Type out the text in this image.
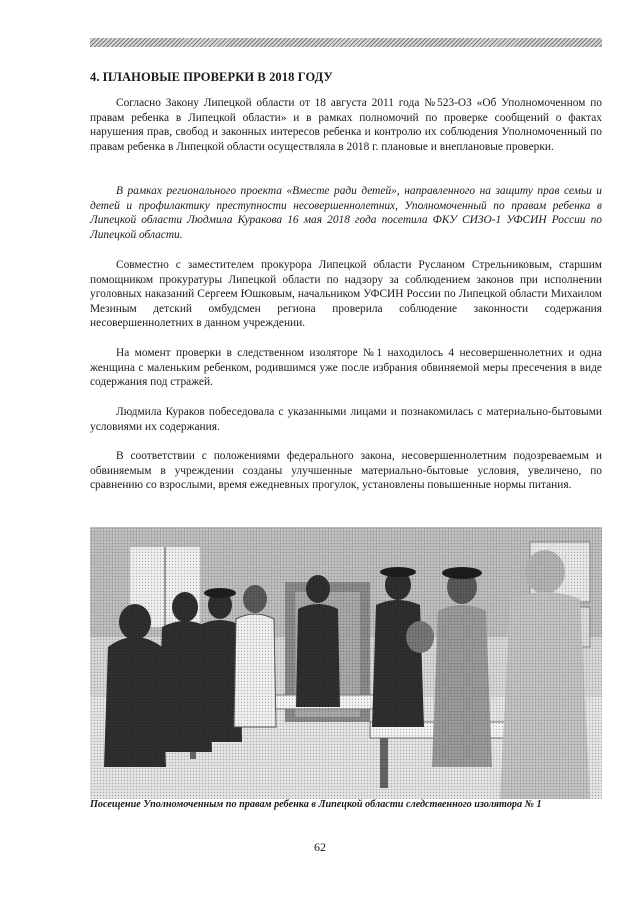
4. ПЛАНОВЫЕ ПРОВЕРКИ В 2018 ГОДУ

Согласно Закону Липецкой области от 18 августа 2011 года №523-ОЗ «Об Уполномоченном по правам ребенка в Липецкой области» и в рамках полномочий по проверке сообщений о фактах нарушения прав, свобод и законных интересов ребенка и контролю их соблюдения Уполномоченный по правам ребенка в Липецкой области осуществляла в 2018 г. плановые и внеплановые проверки.

В рамках регионального проекта «Вместе ради детей», направленного на защиту прав семьи и детей и профилактику преступности несовершеннолетних, Уполномоченный по правам ребенка в Липецкой области Людмила Куракова 16 мая 2018 года посетила ФКУ СИЗО-1 УФСИН России по Липецкой области.

Совместно с заместителем прокурора Липецкой области Русланом Стрельниковым, старшим помощником прокуратуры Липецкой области по надзору за соблюдением законов при исполнении уголовных наказаний Сергеем Юшковым, начальником УФСИН России по Липецкой области Михаилом Мезиным детский омбудсмен региона проверила соблюдение законности содержания несовершеннолетних в данном учреждении.

На момент проверки в следственном изоляторе №1 находилось 4 несовершеннолетних и одна женщина с маленьким ребенком, родившимся уже после избрания обвиняемой меры пресечения в виде содержания под стражей.

Людмила Кураков побеседовала с указанными лицами и познакомилась с материально-бытовыми условиями их содержания.

В соответствии с положениями федерального закона, несовершеннолетним подозреваемым и обвиняемым в учреждении созданы улучшенные материально-бытовые условия, увеличено, по сравнению со взрослыми, время ежедневных прогулок, установлены повышенные нормы питания.

Посещение Уполномоченным по правам ребенка в Липецкой области следственного изолятора № 1
62
